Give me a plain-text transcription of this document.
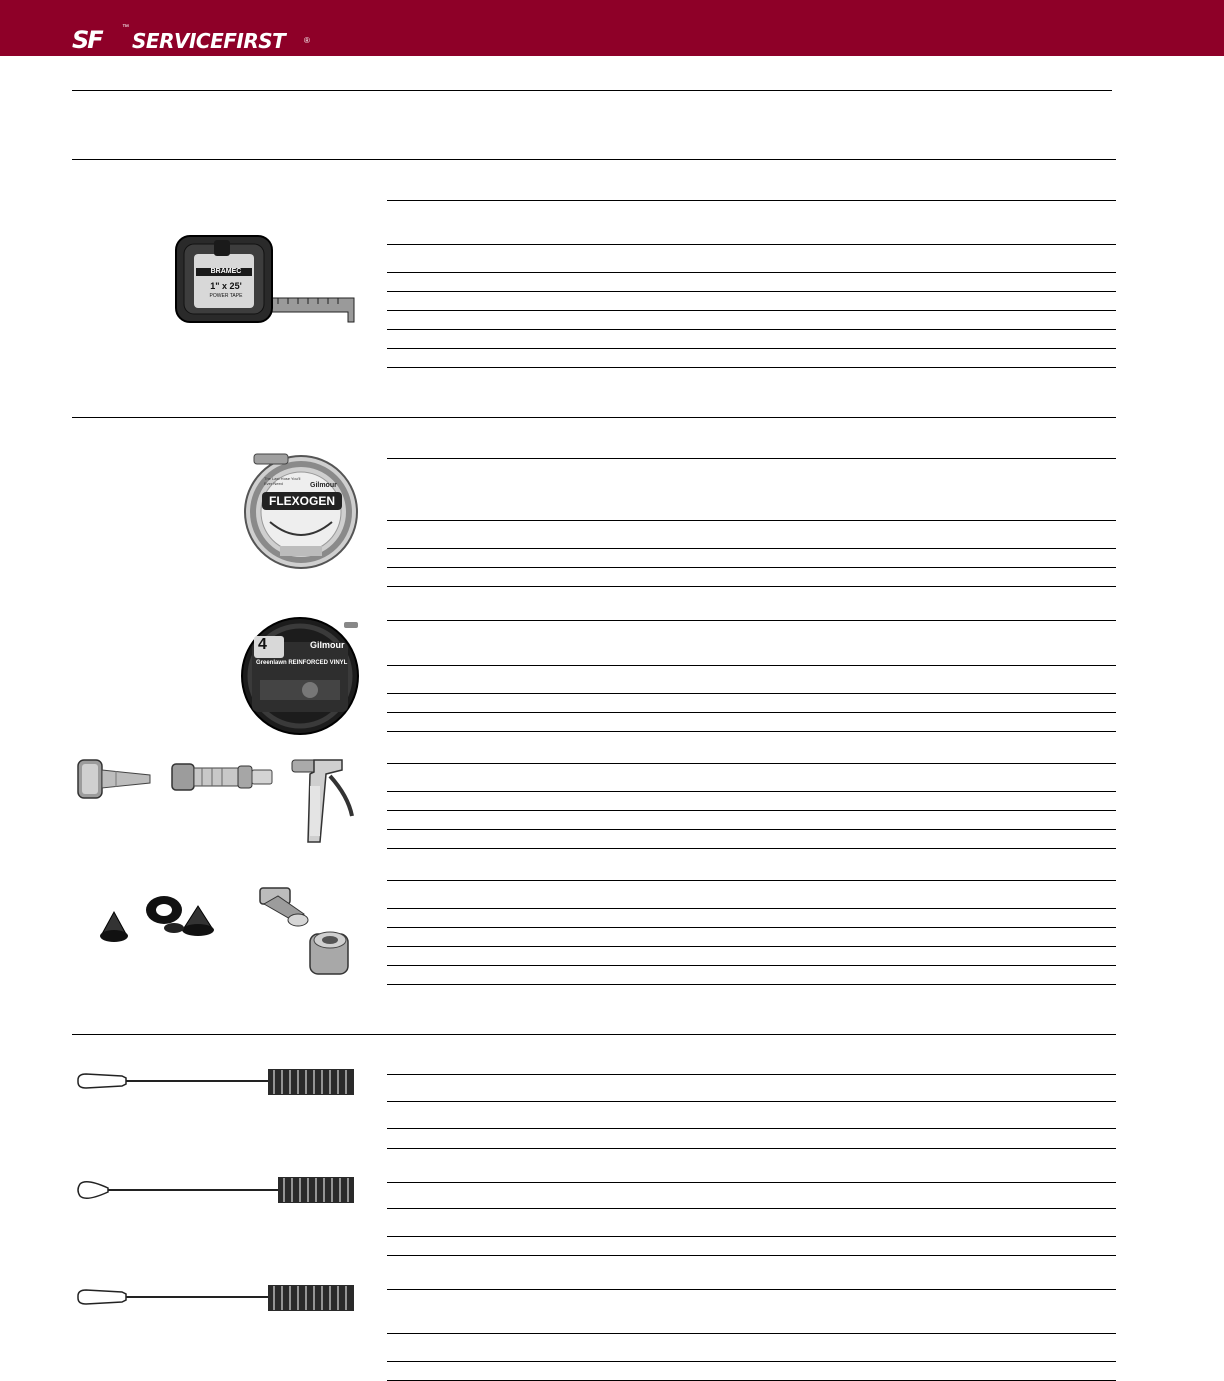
SF	™
SERVICEFIRST ®
BRAMEC
1" x 25'
POWER TAPE
Gilmour
FLEXOGEN
The Last Hose You'll Ever Need
4	Gilmour
Greenlawn REINFORCED VINYL
